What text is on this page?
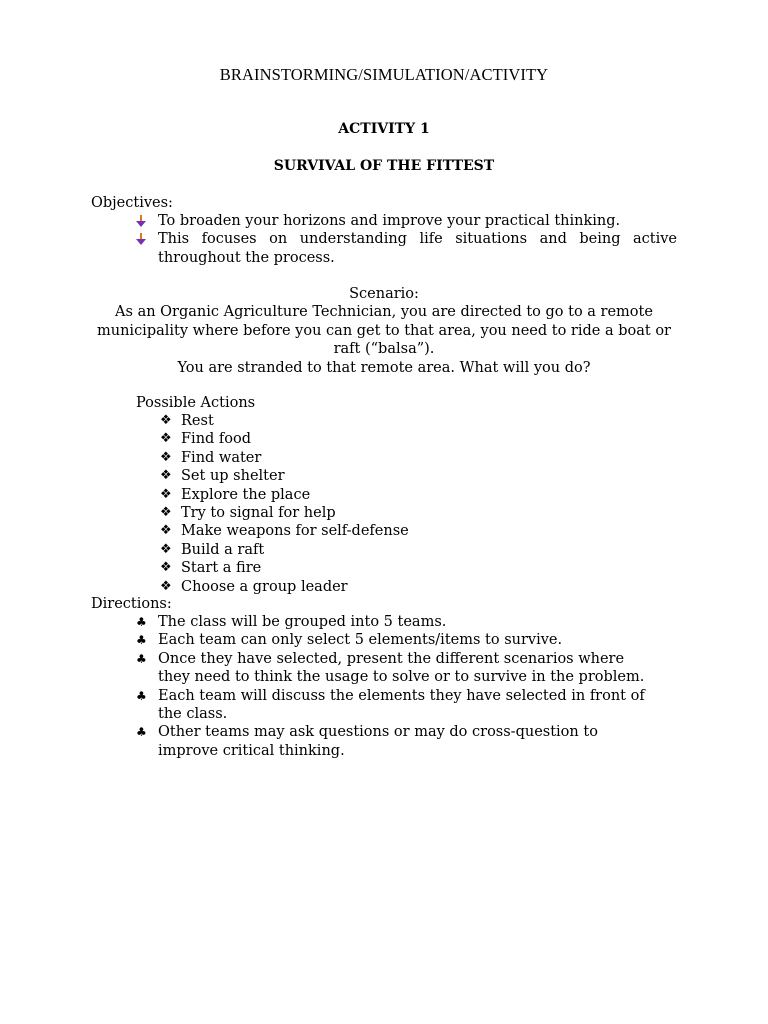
BRAINSTORMING/SIMULATION/ACTIVITY
ACTIVITY 1
SURVIVAL OF THE FITTEST
Objectives:
To broaden your horizons and improve your practical thinking.
This focuses on understanding life situations and being active throughout the process.
Scenario:
As an Organic Agriculture Technician, you are directed to go to a remote municipality where before you can get to that area, you need to ride a boat or raft (“balsa”).
You are stranded to that remote area. What will you do?
Possible Actions
❖ Rest
❖ Find food
❖ Find water
❖ Set up shelter
❖ Explore the place
❖ Try to signal for help
❖ Make weapons for self-defense
❖ Build a raft
❖ Start a fire
❖ Choose a group leader
Directions:
♣ The class will be grouped into 5 teams.
♣ Each team can only select 5 elements/items to survive.
♣ Once they have selected, present the different scenarios where they need to think the usage to solve or to survive in the problem.
♣ Each team will discuss the elements they have selected in front of the class.
♣ Other teams may ask questions or may do cross-question to improve critical thinking.
